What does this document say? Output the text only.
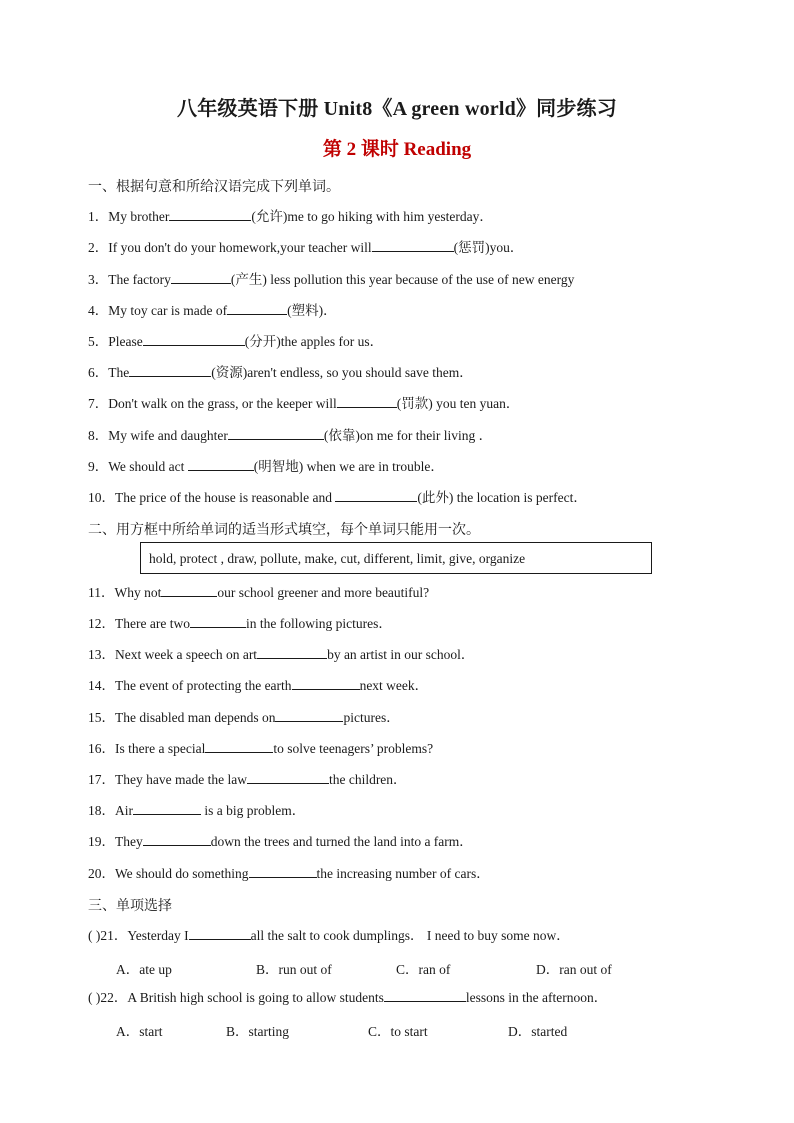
八年级英语下册 Unit8《A green world》同步练习
第 2 课时 Reading
一、根据句意和所给汉语完成下列单词。
1．My brother	(允许)me to go hiking with him yesterday．
2．If you don't do your homework,your teacher will	(惩罚)you．
3．The factory	(产生) less pollution this year because of the use of new energy
4．My toy car is made of	(塑料)．
5．Please	(分开)the apples for us．
6．The	(资源)aren't endless, so you should save them．
7．Don't walk on the grass, or the keeper will	(罚款) you ten yuan．
8．My wife and daughter	(依靠)on me for their living ．
9．We should act	(明智地) when we are in trouble．
10．The price of the house is reasonable and	(此外) the location is perfect．
二、用方框中所给单词的适当形式填空，每个单词只能用一次。
hold, protect , draw, pollute, make, cut, different, limit, give, organize
11．Why not	our school greener and more beautiful?
12．There are two	in the following pictures．
13．Next week a speech on art	by an artist in our school．
14．The event of protecting the earth	next week．
15．The disabled man depends on	pictures．
16．Is there a special	to solve teenagers’ problems?
17．They have made the law	the children．
18．Air	is a big problem．
19．They	down the trees and turned the land into a farm．
20．We should do something	the increasing number of cars．
三、单项选择
( )21．Yesterday I	all the salt to cook dumplings． I need to buy some now．
A．ate up	B．run out of	C．ran of	D．ran out of
( )22．A British high school is going to allow students	lessons in the afternoon．
A．start	B．starting	C．to start	D．started
